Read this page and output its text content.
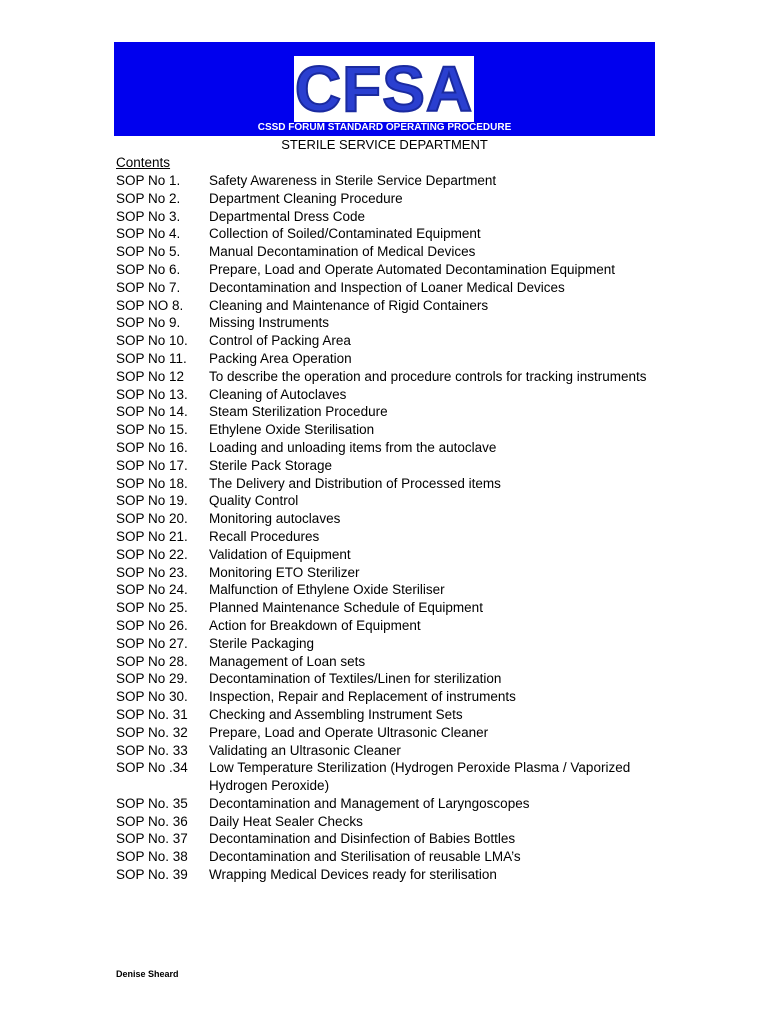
CFSA
CSSD FORUM STANDARD OPERATING PROCEDURE
STERILE SERVICE DEPARTMENT
Contents
SOP No 1.	Safety Awareness in Sterile Service Department
SOP No 2.	Department Cleaning Procedure
SOP No 3.	Departmental Dress Code
SOP No 4.	Collection of Soiled/Contaminated Equipment
SOP No 5.	Manual Decontamination of Medical Devices
SOP No 6.	Prepare, Load and Operate Automated Decontamination Equipment
SOP No 7.	Decontamination and Inspection of Loaner Medical Devices
SOP NO 8.	Cleaning and Maintenance of Rigid Containers
SOP No 9.	Missing Instruments
SOP No 10.	Control of Packing Area
SOP No 11.	Packing Area Operation
SOP No 12	To describe the operation and procedure controls for tracking instruments
SOP No 13.	Cleaning of Autoclaves
SOP No 14.	Steam Sterilization Procedure
SOP No 15.	Ethylene Oxide Sterilisation
SOP No 16.	Loading and unloading items from the autoclave
SOP No 17.	Sterile Pack Storage
SOP No 18.	The Delivery and Distribution of Processed items
SOP No 19.	Quality Control
SOP No 20.	Monitoring autoclaves
SOP No 21.	Recall Procedures
SOP No 22.	Validation of Equipment
SOP No 23.	Monitoring ETO Sterilizer
SOP No 24.	Malfunction of Ethylene Oxide Steriliser
SOP No 25.	Planned Maintenance Schedule of Equipment
SOP No 26.	Action for Breakdown of Equipment
SOP No 27.	Sterile Packaging
SOP No 28.	Management of Loan sets
SOP No 29.	Decontamination of Textiles/Linen for sterilization
SOP No 30.	Inspection, Repair and Replacement of instruments
SOP No. 31	Checking and Assembling Instrument Sets
SOP No. 32	Prepare, Load and Operate Ultrasonic Cleaner
SOP No. 33	Validating an Ultrasonic Cleaner
SOP No .34	Low Temperature Sterilization (Hydrogen Peroxide Plasma / Vaporized Hydrogen Peroxide)
SOP No. 35	Decontamination and Management of Laryngoscopes
SOP No. 36	Daily Heat Sealer Checks
SOP No. 37	Decontamination and Disinfection of Babies Bottles
SOP No. 38	Decontamination and Sterilisation of reusable LMA’s
SOP No. 39	Wrapping Medical Devices ready for sterilisation
Denise Sheard
